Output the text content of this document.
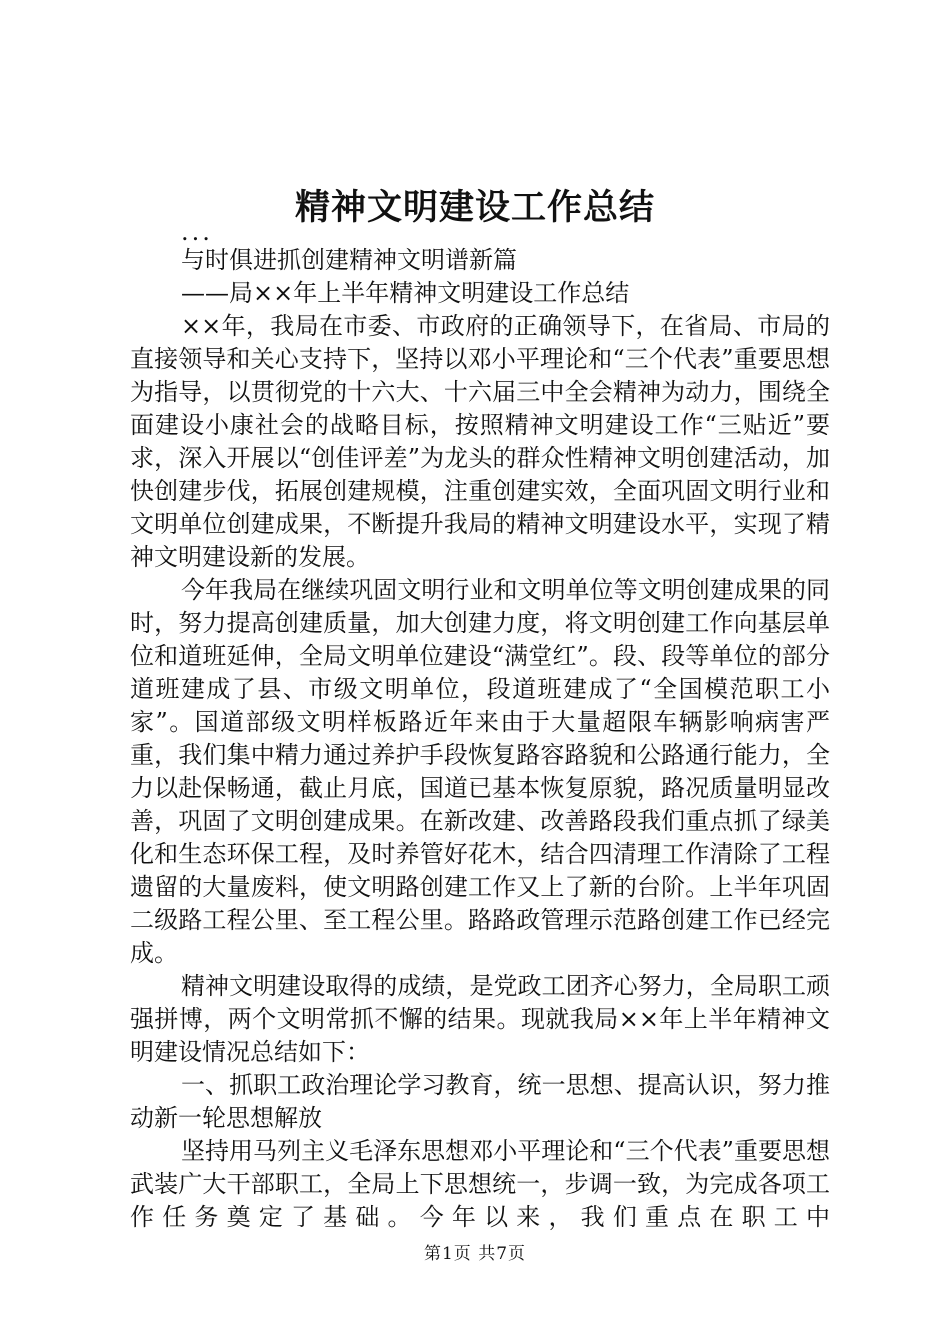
精神文明建设工作总结

...

与时俱进抓创建精神文明谱新篇

——局××年上半年精神文明建设工作总结

××年，我局在市委、市政府的正确领导下，在省局、市局的直接领导和关心支持下，坚持以邓小平理论和“三个代表”重要思想为指导，以贯彻党的十六大、十六届三中全会精神为动力，围绕全面建设小康社会的战略目标，按照精神文明建设工作“三贴近”要求，深入开展以“创佳评差”为龙头的群众性精神文明创建活动，加快创建步伐，拓展创建规模，注重创建实效，全面巩固文明行业和文明单位创建成果，不断提升我局的精神文明建设水平，实现了精神文明建设新的发展。

今年我局在继续巩固文明行业和文明单位等文明创建成果的同时，努力提高创建质量，加大创建力度，将文明创建工作向基层单位和道班延伸，全局文明单位建设“满堂红”。段、段等单位的部分道班建成了县、市级文明单位，段道班建成了“全国模范职工小家”。国道部级文明样板路近年来由于大量超限车辆影响病害严重，我们集中精力通过养护手段恢复路容路貌和公路通行能力，全力以赴保畅通，截止月底，国道已基本恢复原貌，路况质量明显改善，巩固了文明创建成果。在新改建、改善路段我们重点抓了绿美化和生态环保工程，及时养管好花木，结合四清理工作清除了工程遗留的大量废料，使文明路创建工作又上了新的台阶。上半年巩固二级路工程公里、至工程公里。路路政管理示范路创建工作已经完成。

精神文明建设取得的成绩，是党政工团齐心努力，全局职工顽强拼博，两个文明常抓不懈的结果。现就我局××年上半年精神文明建设情况总结如下：

一、抓职工政治理论学习教育，统一思想、提高认识，努力推动新一轮思想解放

坚持用马列主义毛泽东思想邓小平理论和“三个代表”重要思想武装广大干部职工，全局上下思想统一，步调一致，为完成各项工作任务奠定了基础。今年以来，我们重点在职工中

第1页 共7页
